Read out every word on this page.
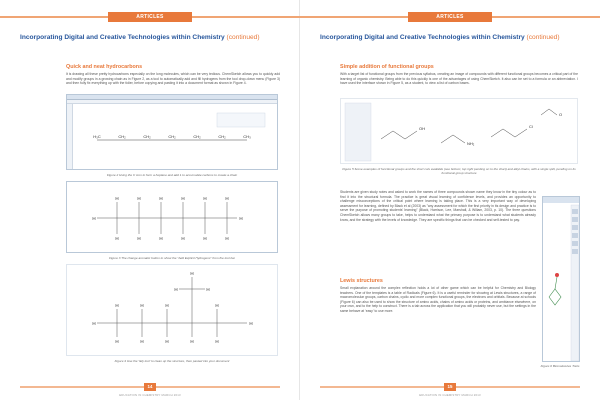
ARTICLES
Incorporating Digital and Creative Technologies within Chemistry (continued)
Quick and neat hydrocarbons
It is drawing all these pretty hydrocarbons especially on the long molecules, which can be very tedious. ChemSketch allows you to quickly add and modify groups in a growing chain as in Figure 2, as a tool to automatically add and fill hydrogens from the tool drop-down menu (Figure 3) and then fully fix everything up with the tidier, before copying and pasting it into a document format as shown in Figure 4.
H₃C	CH₂	CH₂	CH₂	CH₂	CH₂	CH₃
Figure 2 Using the C icon to form a heptane and add 1 to accumulate carbons to create a chain
H	H	H	H	H	H
H	H	H	H	H	H
H	H
Figure 3 The change aromatic button to show the "Add Explicit Hydrogens" from the tool bar
H	H	H	H
H	H	H	H	H
H
H	H
H	H
Figure 4 Use the 'tidy tool' to clean up the structure, then pasted into your document
14
EDUCATION IN CHEMISTRY MARCH 2013
ARTICLES
Incorporating Digital and Creative Technologies within Chemistry (continued)
Simple addition of functional groups
With a target list of functional groups from the previous syllabus, creating an image of compounds with different functional groups becomes a critical part of the learning of organic chemistry. Being able to do this quickly is one of the advantages of using ChemSketch. It also can be set to a formula or an abbreviation. I have used the interface shown in Figure 5, as a student, to view a list of carbon bases.
OH
NH₂
Cl
O
Figure 5 Some examples of functional groups and the short cuts available (see bottom; top right pending on to the chart) and alkyl chains, with a single split, pending on its functional group structure
Students are given study notes and asked to work the names of three compounds shown name they know in the tiny colour as to find it into the structural formula. The practice is great visual learning of confidence levels, and provides an opportunity to challenge misconceptions of the critical point where learning is taking place. This is a very important way of developing assessment for learning, defined by Black et al (2003) as "any assessment for which the first priority in its design and practice is to serve the purpose of promoting students' learning" (Black, Harrison, Lee, Marshall, & Wiliam, 2003, p. 10). The three questions ChemSketch allows many groups to take, helps to understand what the primary purpose is to understand what students already know, and the strategy with the levels of knowledge. They are specific things that can be checked and self-tested to pay.
Lewis structures
Small explanation around the complex reflection holds a lot of other game which can be helpful for Chemistry and Biology teachers. One of the templates is a table of Radicals (Figure 6). It is a useful reminder for showing at Lewis structures, a range of macromolecular groups, carbon chains, cyclic and more complex functional groups, the electrons and orbitals. Because at schools (Figure 6) can also be used to show the structure of amino acids, chains of amino acids or proteins, and ambiance elsewhere, on your own, and to the help to construct. There is a tab across the application that you will probably never use, but the settings in the same behave at 'easy' to use more.
Figure 6 Biomolecules Tools
15
EDUCATION IN CHEMISTRY MARCH 2013
